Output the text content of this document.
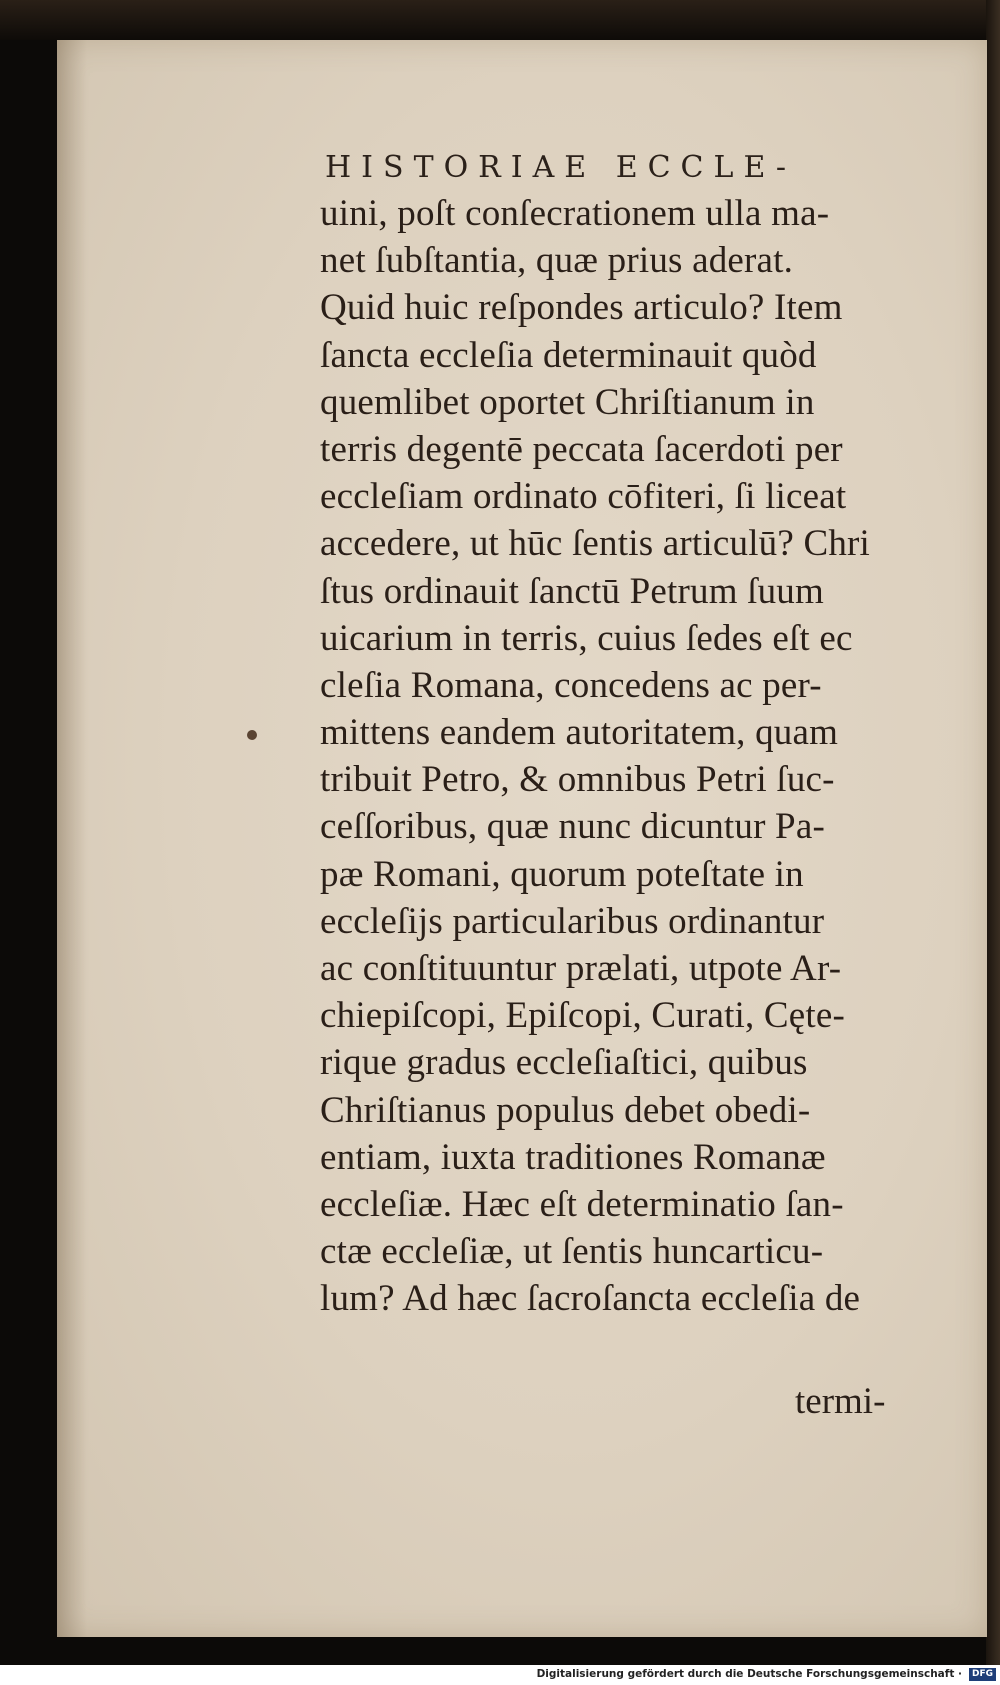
HISTORIAE ECCLE-
uini, poſt conſecrationem ulla ma-
net ſubſtantia, quæ prius aderat.
Quid huic reſpondes articulo? Item
ſancta eccleſia determinauit quòd
quemlibet oportet Chriſtianum in
terris degentē peccata ſacerdoti per
eccleſiam ordinato cōfiteri, ſi liceat
accedere, ut hūc ſentis articulū? Chri
ſtus ordinauit ſanctū Petrum ſuum
uicarium in terris, cuius ſedes eſt ec
cleſia Romana, concedens ac per-
mittens eandem autoritatem, quam
tribuit Petro, & omnibus Petri ſuc-
ceſſoribus, quæ nunc dicuntur Pa-
pæ Romani, quorum poteſtate in
eccleſijs particularibus ordinantur
ac conſtituuntur prælati, utpote Ar-
chiepiſcopi, Epiſcopi, Curati, Cęte-
rique gradus eccleſiaſtici, quibus
Chriſtianus populus debet obedi-
entiam, iuxta traditiones Romanæ
eccleſiæ. Hæc eſt determinatio ſan-
ctæ eccleſiæ, ut ſentis huncarticu-
lum? Ad hæc ſacroſancta eccleſia de
termi-
Digitalisierung gefördert durch die Deutsche Forschungsgemeinschaft ·	DFG
